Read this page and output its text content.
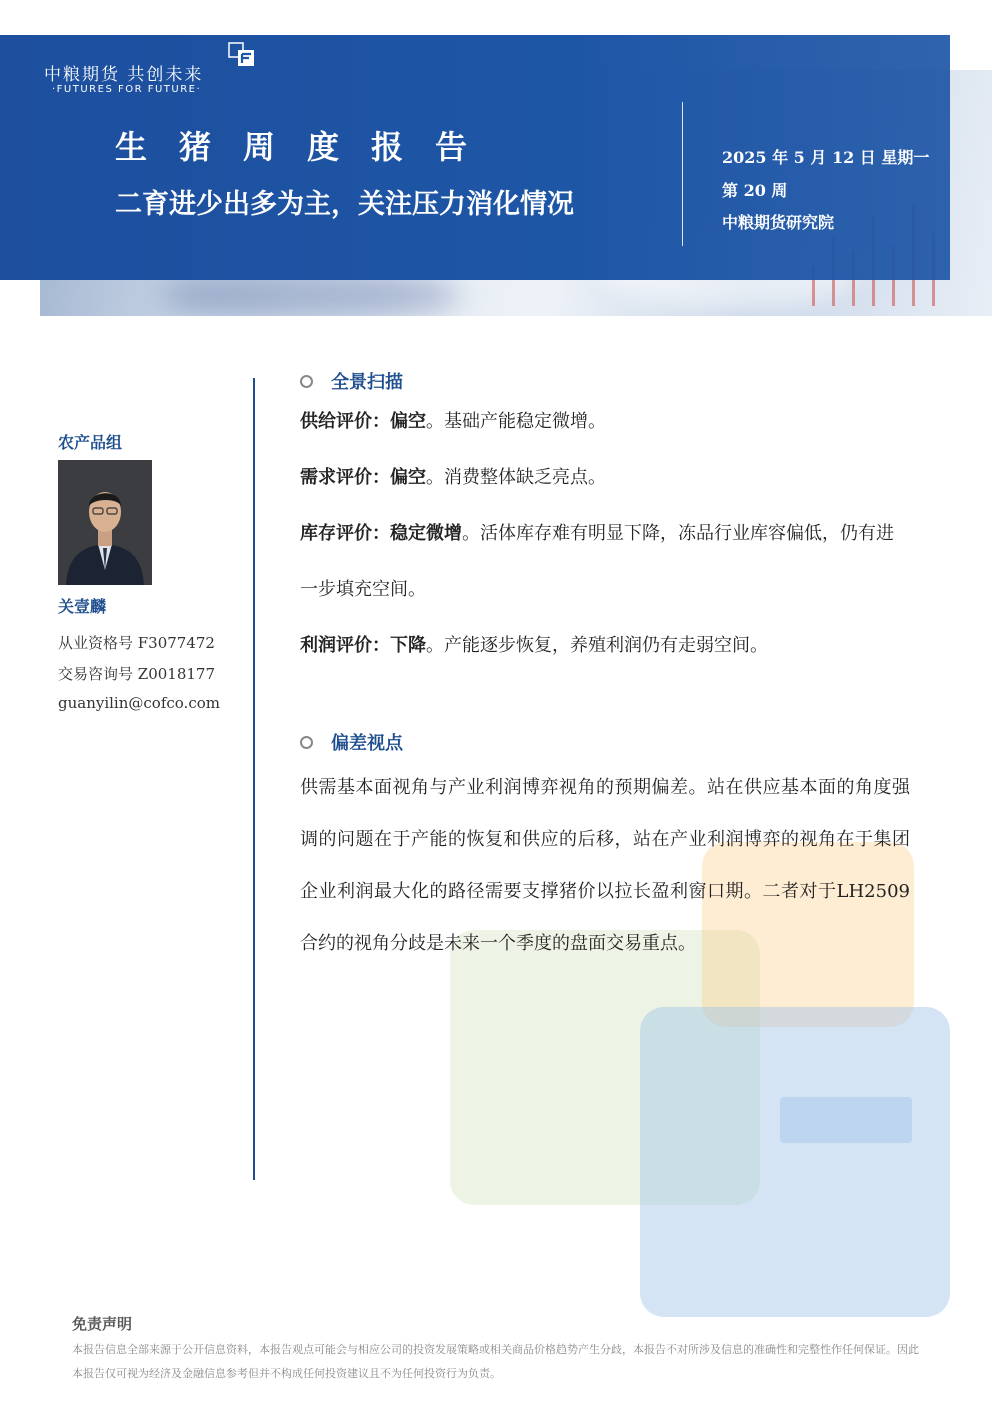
中粮期货 共创未来
·FUTURES FOR FUTURE·
生猪周度报告
二育进少出多为主，关注压力消化情况
2025 年 5 月 12 日 星期一
第 20 周
中粮期货研究院
农产品组
关壹麟
从业资格号 F3077472
交易咨询号 Z0018177
guanyilin@cofco.com
全景扫描
供给评价：偏空。基础产能稳定微增。
需求评价：偏空。消费整体缺乏亮点。
库存评价：稳定微增。活体库存难有明显下降，冻品行业库容偏低，仍有进一步填充空间。
利润评价：下降。产能逐步恢复，养殖利润仍有走弱空间。
偏差视点
供需基本面视角与产业利润博弈视角的预期偏差。站在供应基本面的角度强调的问题在于产能的恢复和供应的后移，站在产业利润博弈的视角在于集团企业利润最大化的路径需要支撑猪价以拉长盈利窗口期。二者对于LH2509合约的视角分歧是未来一个季度的盘面交易重点。
免责声明
本报告信息全部来源于公开信息资料，本报告观点可能会与相应公司的投资发展策略或相关商品价格趋势产生分歧，本报告不对所涉及信息的准确性和完整性作任何保证。因此本报告仅可视为经济及金融信息参考但并不构成任何投资建议且不为任何投资行为负责。
